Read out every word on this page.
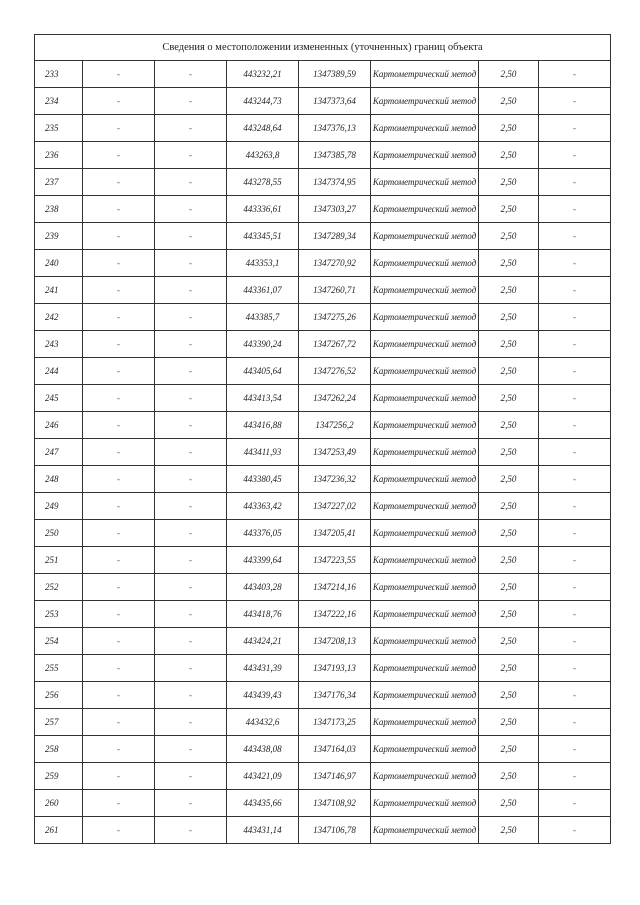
Сведения о местоположении измененных (уточненных) границ объекта							
233	-	-	443232,21	1347389,59	Картометрический метод	2,50	-
234	-	-	443244,73	1347373,64	Картометрический метод	2,50	-
235	-	-	443248,64	1347376,13	Картометрический метод	2,50	-
236	-	-	443263,8	1347385,78	Картометрический метод	2,50	-
237	-	-	443278,55	1347374,95	Картометрический метод	2,50	-
238	-	-	443336,61	1347303,27	Картометрический метод	2,50	-
239	-	-	443345,51	1347289,34	Картометрический метод	2,50	-
240	-	-	443353,1	1347270,92	Картометрический метод	2,50	-
241	-	-	443361,07	1347260,71	Картометрический метод	2,50	-
242	-	-	443385,7	1347275,26	Картометрический метод	2,50	-
243	-	-	443390,24	1347267,72	Картометрический метод	2,50	-
244	-	-	443405,64	1347276,52	Картометрический метод	2,50	-
245	-	-	443413,54	1347262,24	Картометрический метод	2,50	-
246	-	-	443416,88	1347256,2	Картометрический метод	2,50	-
247	-	-	443411,93	1347253,49	Картометрический метод	2,50	-
248	-	-	443380,45	1347236,32	Картометрический метод	2,50	-
249	-	-	443363,42	1347227,02	Картометрический метод	2,50	-
250	-	-	443376,05	1347205,41	Картометрический метод	2,50	-
251	-	-	443399,64	1347223,55	Картометрический метод	2,50	-
252	-	-	443403,28	1347214,16	Картометрический метод	2,50	-
253	-	-	443418,76	1347222,16	Картометрический метод	2,50	-
254	-	-	443424,21	1347208,13	Картометрический метод	2,50	-
255	-	-	443431,39	1347193,13	Картометрический метод	2,50	-
256	-	-	443439,43	1347176,34	Картометрический метод	2,50	-
257	-	-	443432,6	1347173,25	Картометрический метод	2,50	-
258	-	-	443438,08	1347164,03	Картометрический метод	2,50	-
259	-	-	443421,09	1347146,97	Картометрический метод	2,50	-
260	-	-	443435,66	1347108,92	Картометрический метод	2,50	-
261	-	-	443431,14	1347106,78	Картометрический метод	2,50	-
